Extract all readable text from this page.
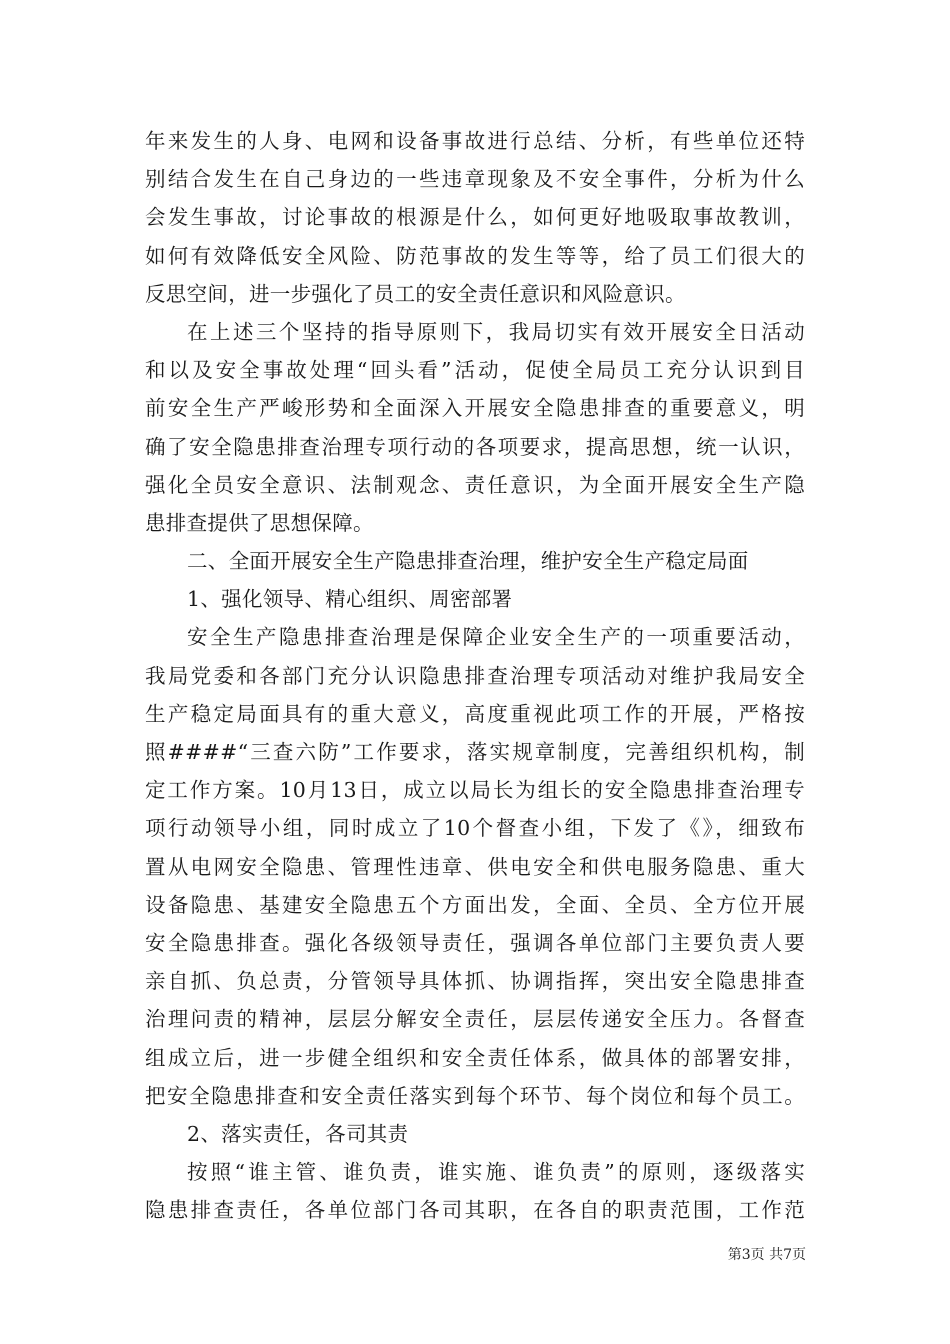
年来发生的人身、电网和设备事故进行总结、分析，有些单位还特
别结合发生在自己身边的一些违章现象及不安全事件，分析为什么
会发生事故，讨论事故的根源是什么，如何更好地吸取事故教训，
如何有效降低安全风险、防范事故的发生等等，给了员工们很大的
反思空间，进一步强化了员工的安全责任意识和风险意识。
在上述三个坚持的指导原则下，我局切实有效开展安全日活动
和以及安全事故处理“回头看”活动，促使全局员工充分认识到目
前安全生产严峻形势和全面深入开展安全隐患排查的重要意义，明
确了安全隐患排查治理专项行动的各项要求，提高思想，统一认识，
强化全员安全意识、法制观念、责任意识，为全面开展安全生产隐
患排查提供了思想保障。
二、全面开展安全生产隐患排查治理，维护安全生产稳定局面
1、强化领导、精心组织、周密部署
安全生产隐患排查治理是保障企业安全生产的一项重要活动，
我局党委和各部门充分认识隐患排查治理专项活动对维护我局安全
生产稳定局面具有的重大意义，高度重视此项工作的开展，严格按
照####“三查六防”工作要求，落实规章制度，完善组织机构，制
定工作方案。10月13日，成立以局长为组长的安全隐患排查治理专
项行动领导小组，同时成立了10个督查小组，下发了《》，细致布
置从电网安全隐患、管理性违章、供电安全和供电服务隐患、重大
设备隐患、基建安全隐患五个方面出发，全面、全员、全方位开展
安全隐患排查。强化各级领导责任，强调各单位部门主要负责人要
亲自抓、负总责，分管领导具体抓、协调指挥，突出安全隐患排查
治理问责的精神，层层分解安全责任，层层传递安全压力。各督查
组成立后，进一步健全组织和安全责任体系，做具体的部署安排，
把安全隐患排查和安全责任落实到每个环节、每个岗位和每个员工。
2、落实责任，各司其责
按照“谁主管、谁负责，谁实施、谁负责”的原则，逐级落实
隐患排查责任，各单位部门各司其职，在各自的职责范围，工作范
第3页 共7页
